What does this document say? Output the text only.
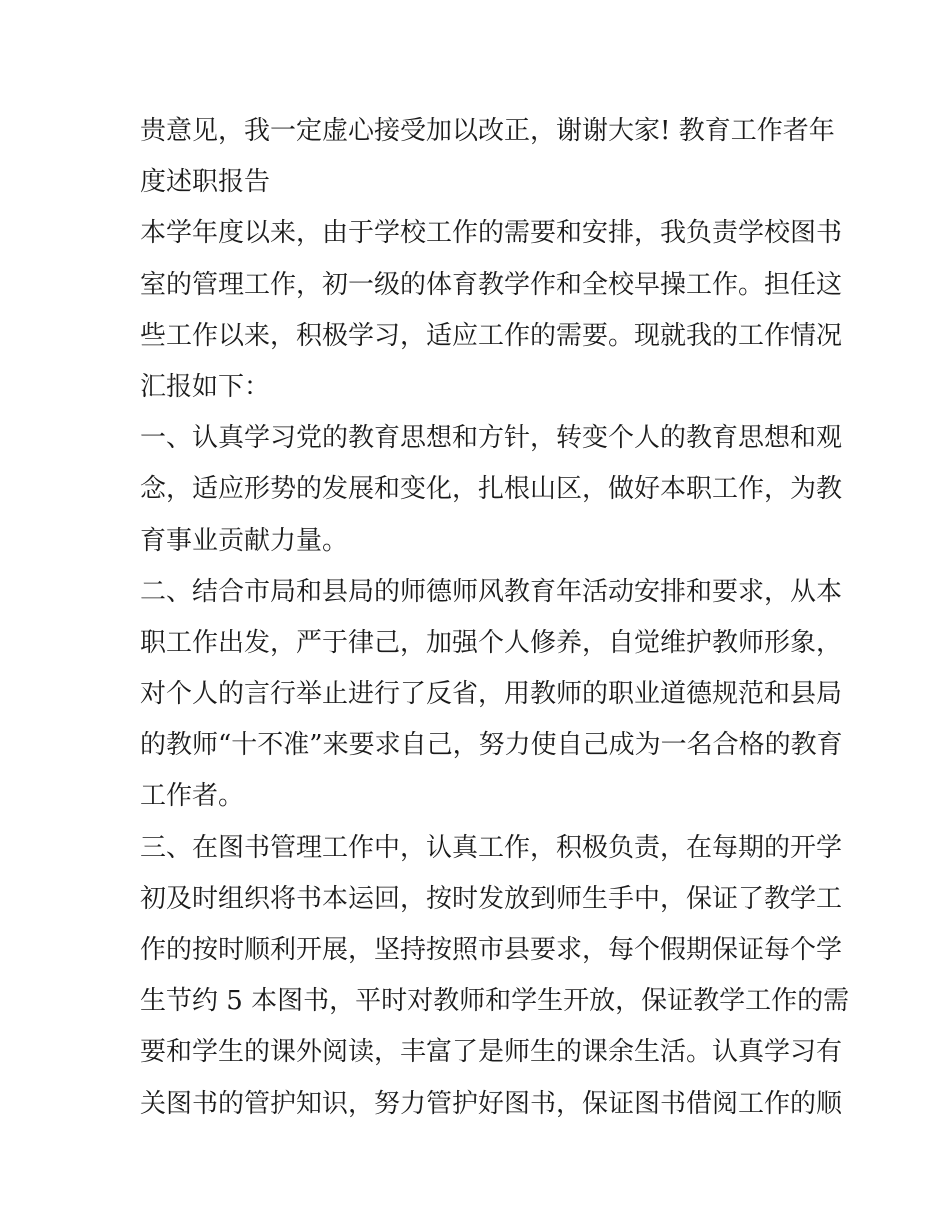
贵意见，我一定虚心接受加以改正，谢谢大家! 教育工作者年
度述职报告
本学年度以来，由于学校工作的需要和安排，我负责学校图书
室的管理工作，初一级的体育教学作和全校早操工作。担任这
些工作以来，积极学习，适应工作的需要。现就我的工作情况
汇报如下：
一、认真学习党的教育思想和方针，转变个人的教育思想和观
念，适应形势的发展和变化，扎根山区，做好本职工作，为教
育事业贡献力量。
二、结合市局和县局的师德师风教育年活动安排和要求，从本
职工作出发，严于律己，加强个人修养，自觉维护教师形象，
对个人的言行举止进行了反省，用教师的职业道德规范和县局
的教师“十不准”来要求自己，努力使自己成为一名合格的教育
工作者。
三、在图书管理工作中，认真工作，积极负责，在每期的开学
初及时组织将书本运回，按时发放到师生手中，保证了教学工
作的按时顺利开展，坚持按照市县要求，每个假期保证每个学
生节约 5 本图书，平时对教师和学生开放，保证教学工作的需
要和学生的课外阅读，丰富了是师生的课余生活。认真学习有
关图书的管护知识，努力管护好图书，保证图书借阅工作的顺
